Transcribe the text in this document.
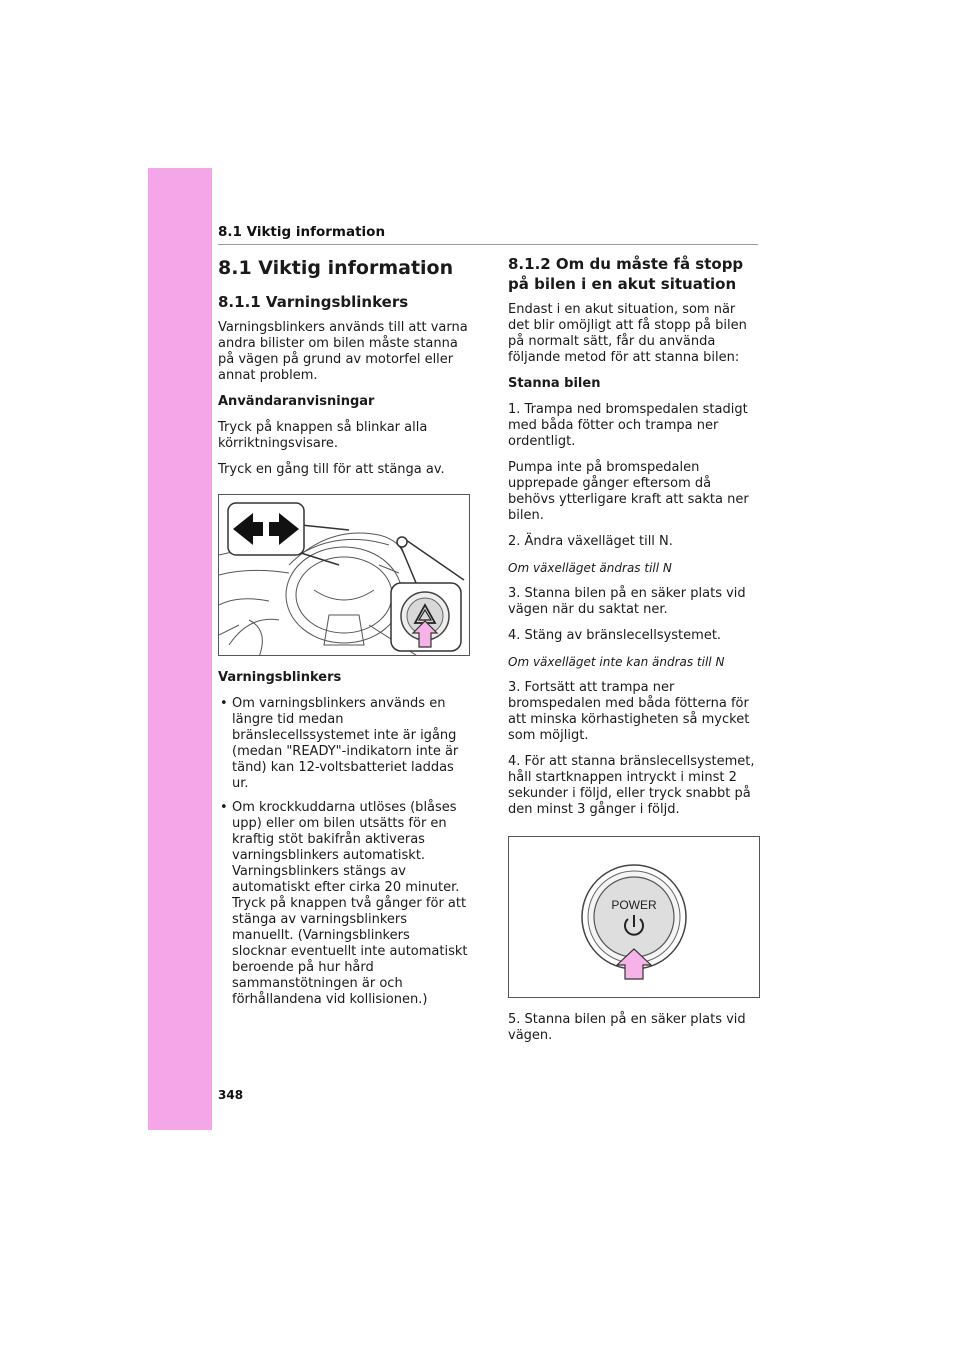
8.1 Viktig information
8.1 Viktig information
8.1.1 Varningsblinkers

Varningsblinkers används till att varna andra bilister om bilen måste stanna på vägen på grund av motorfel eller annat problem.

Användaranvisningar

Tryck på knappen så blinkar alla körriktningsvisare.

Tryck en gång till för att stänga av.

Varningsblinkers
• Om varningsblinkers används en längre tid medan bränslecellssystemet inte är igång (medan "READY"-indikatorn inte är tänd) kan 12-voltsbatteriet laddas ur.
• Om krockkuddarna utlöses (blåses upp) eller om bilen utsätts för en kraftig stöt bakifrån aktiveras varningsblinkers automatiskt. Varningsblinkers stängs av automatiskt efter cirka 20 minuter. Tryck på knappen två gånger för att stänga av varningsblinkers manuellt. (Varningsblinkers slocknar eventuellt inte automatiskt beroende på hur hård sammanstötningen är och förhållandena vid kollisionen.)
8.1.2 Om du måste få stopp på bilen i en akut situation

Endast i en akut situation, som när det blir omöjligt att få stopp på bilen på normalt sätt, får du använda följande metod för att stanna bilen:

Stanna bilen

1. Trampa ned bromspedalen stadigt med båda fötter och trampa ner ordentligt.

Pumpa inte på bromspedalen upprepade gånger eftersom då behövs ytterligare kraft att sakta ner bilen.

2. Ändra växelläget till N.

Om växelläget ändras till N

3. Stanna bilen på en säker plats vid vägen när du saktat ner.

4. Stäng av bränslecellsystemet.

Om växelläget inte kan ändras till N

3. Fortsätt att trampa ner bromspedalen med båda fötterna för att minska körhastigheten så mycket som möjligt.

4. För att stanna bränslecellsystemet, håll startknappen intryckt i minst 2 sekunder i följd, eller tryck snabbt på den minst 3 gånger i följd.

POWER

5. Stanna bilen på en säker plats vid vägen.

348
